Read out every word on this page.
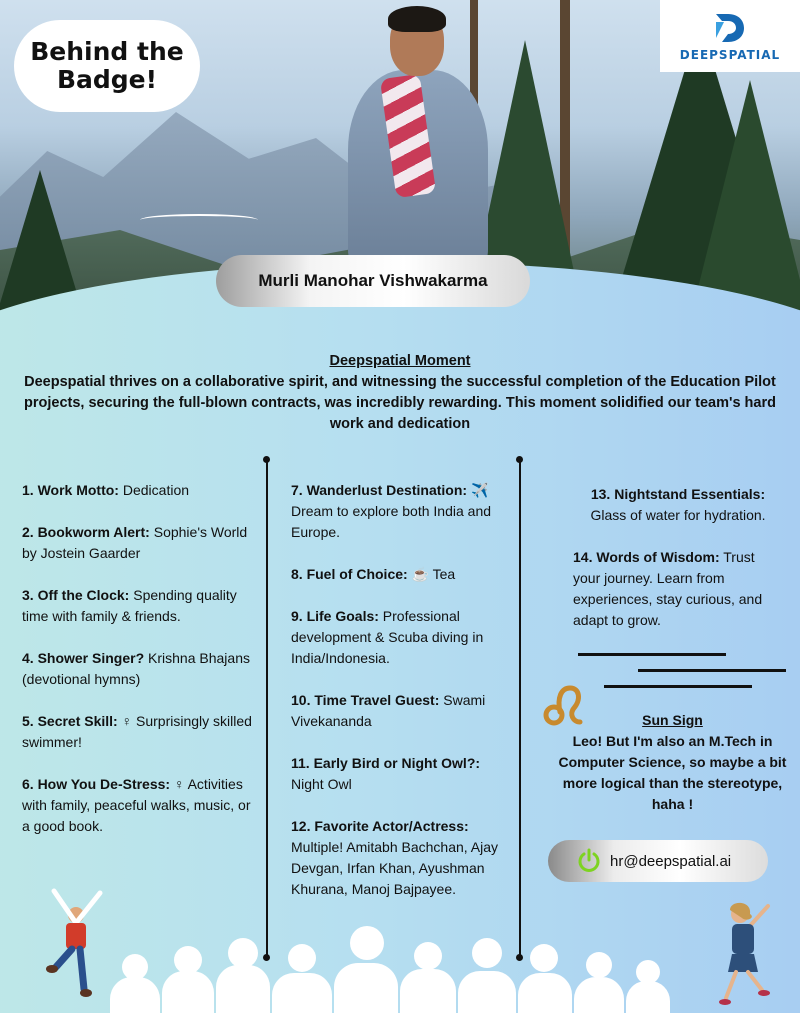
Behind the
Badge!
DEEPSPATIAL
Murli Manohar Vishwakarma
Deepspatial Moment
Deepspatial thrives on a collaborative spirit, and witnessing the successful completion of the Education Pilot projects, securing the full-blown contracts, was incredibly rewarding. This moment solidified our team's hard work and dedication
1. Work Motto: Dedication
2. Bookworm Alert: Sophie's World by Jostein Gaarder
3. Off the Clock: Spending quality time with family & friends.
4. Shower Singer? Krishna Bhajans (devotional hymns)
5. Secret Skill: ♀ Surprisingly skilled swimmer!
6. How You De-Stress: ♀ Activities with family, peaceful walks, music, or a good book.
7. Wanderlust Destination: ✈️ Dream to explore both India and Europe.
8. Fuel of Choice: ☕ Tea
9. Life Goals: Professional development & Scuba diving in India/Indonesia.
10. Time Travel Guest: Swami Vivekananda
11. Early Bird or Night Owl?: Night Owl
12. Favorite Actor/Actress: Multiple! Amitabh Bachchan, Ajay Devgan, Irfan Khan, Ayushman Khurana, Manoj Bajpayee.
13. Nightstand Essentials:
Glass of water for hydration.
14. Words of Wisdom: Trust your journey. Learn from experiences, stay curious, and adapt to grow.
Sun Sign
Leo! But I'm also an M.Tech in Computer Science, so maybe a bit more logical than the stereotype, haha !
hr@deepspatial.ai
